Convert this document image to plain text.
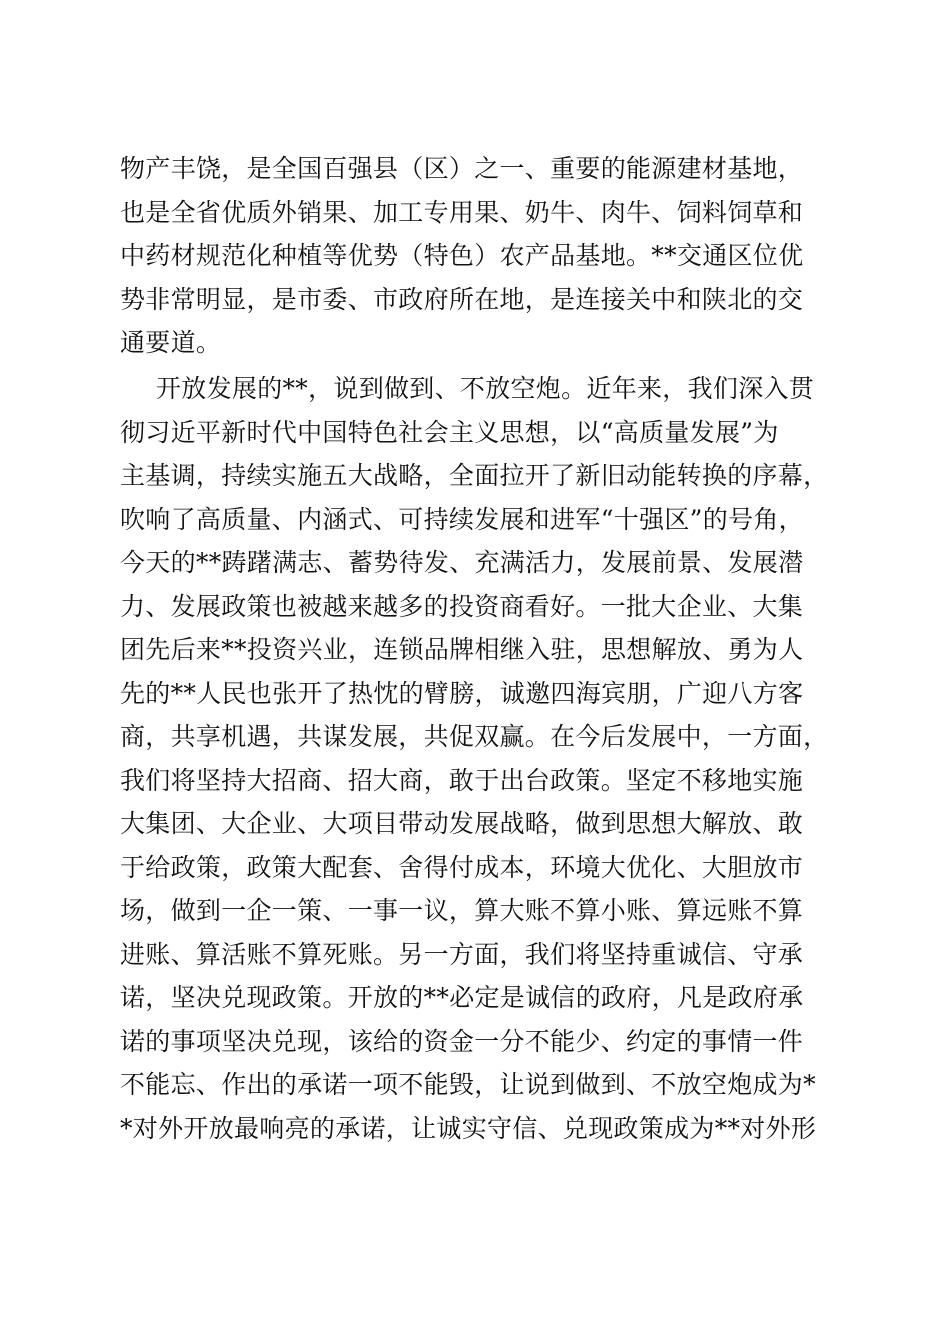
物产丰饶，是全国百强县（区）之一、重要的能源建材基地，
也是全省优质外销果、加工专用果、奶牛、肉牛、饲料饲草和
中药材规范化种植等优势（特色）农产品基地。**交通区位优
势非常明显，是市委、市政府所在地，是连接关中和陕北的交
通要道。
开放发展的**，说到做到、不放空炮。近年来，我们深入贯
彻习近平新时代中国特色社会主义思想，以“高质量发展”为
主基调，持续实施五大战略，全面拉开了新旧动能转换的序幕，
吹响了高质量、内涵式、可持续发展和进军“十强区”的号角，
今天的**踌躇满志、蓄势待发、充满活力，发展前景、发展潜
力、发展政策也被越来越多的投资商看好。一批大企业、大集
团先后来**投资兴业，连锁品牌相继入驻，思想解放、勇为人
先的**人民也张开了热忱的臂膀，诚邀四海宾朋，广迎八方客
商，共享机遇，共谋发展，共促双赢。在今后发展中，一方面，
我们将坚持大招商、招大商，敢于出台政策。坚定不移地实施
大集团、大企业、大项目带动发展战略，做到思想大解放、敢
于给政策，政策大配套、舍得付成本，环境大优化、大胆放市
场，做到一企一策、一事一议，算大账不算小账、算远账不算
进账、算活账不算死账。另一方面，我们将坚持重诚信、守承
诺，坚决兑现政策。开放的**必定是诚信的政府，凡是政府承
诺的事项坚决兑现，该给的资金一分不能少、约定的事情一件
不能忘、作出的承诺一项不能毁，让说到做到、不放空炮成为*
*对外开放最响亮的承诺，让诚实守信、兑现政策成为**对外形
